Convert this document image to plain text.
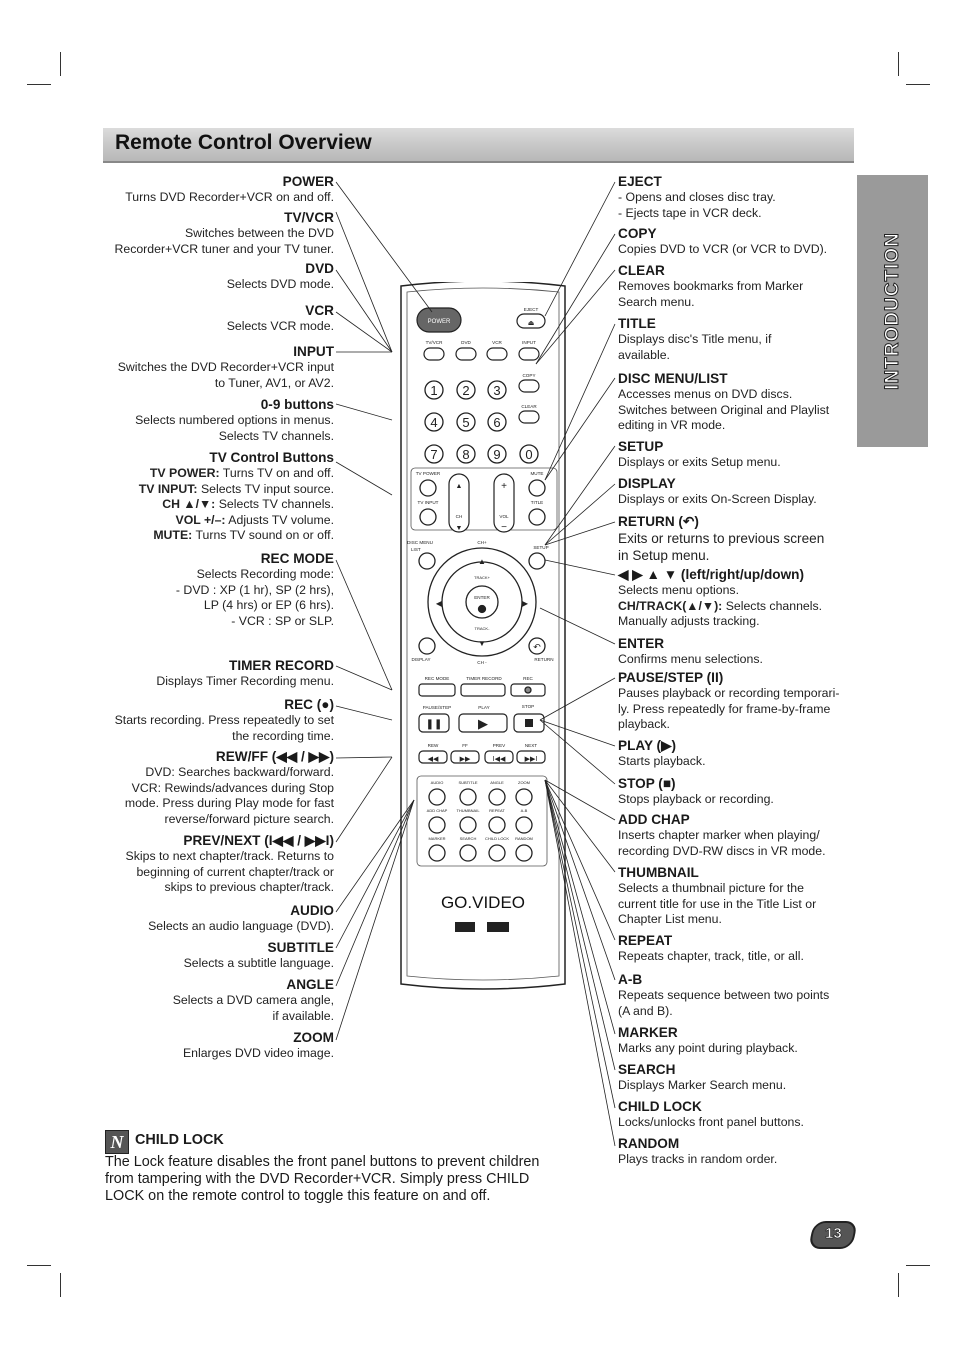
Remote Control Overview
INTRODUCTION
POWER
EJECT
⏏
TV/VCR	DVD	VCR	INPUT
COPY
CLEAR
1 2 3
4 5 6
7 8 9 0
TV POWER
TV INPUT
CH
▲
▼
VOL
+
−
MUTE
TITLE
DISC MENU
LIST	SETUP
CH+
TRACK+
TRACK-
ENTER
▲
▼
◀	▶
DISPLAY
↶
RETURN
CH -
REC MODE	TIMER RECORD	REC
PAUSE/STEP
❚❚
PLAY
▶
STOP
REW
◀◀
FF
▶▶
PREV
I◀◀
NEXT
▶▶I
AUDIO	SUBTITLE	ANGLE	ZOOM
ADD CHAP THUMBNAIL REPEAT	A-B
MARKER	SEARCH CHILD LOCK RANDOM
GO.VIDEO
N CHILD LOCK
The Lock feature disables the front panel buttons to prevent children from tampering with the DVD Recorder+VCR. Simply press CHILD LOCK on the remote control to toggle this feature on and off.
13
POWER
Turns DVD Recorder+VCR on and off.
TV/VCR
Switches between the DVD
Recorder+VCR tuner and your TV tuner.
DVD
Selects DVD mode.
VCR
Selects VCR mode.
INPUT
Switches the DVD Recorder+VCR input
to Tuner, AV1, or AV2.
0-9 buttons
Selects numbered options in menus.
Selects TV channels.
TV Control Buttons
TV POWER: Turns TV on and off.
TV INPUT: Selects TV input source.
CH ▲/▼: Selects TV channels.
VOL +/–: Adjusts TV volume.
MUTE: Turns TV sound on or off.
REC MODE
Selects Recording mode:
- DVD : XP (1 hr), SP (2 hrs),
LP (4 hrs) or EP (6 hrs).
- VCR : SP or SLP.
TIMER RECORD
Displays Timer Recording menu.
REC (●)
Starts recording. Press repeatedly to set
the recording time.
REW/FF (◀◀ / ▶▶)
DVD: Searches backward/forward.
VCR: Rewinds/advances during Stop
mode. Press during Play mode for fast
reverse/forward picture search.
PREV/NEXT (I◀◀ / ▶▶I)
Skips to next chapter/track. Returns to
beginning of current chapter/track or
skips to previous chapter/track.
AUDIO
Selects an audio language (DVD).
SUBTITLE
Selects a subtitle language.
ANGLE
Selects a DVD camera angle,
if available.
ZOOM
Enlarges DVD video image.
EJECT
- Opens and closes disc tray.
- Ejects tape in VCR deck.
COPY
Copies DVD to VCR (or VCR to DVD).
CLEAR
Removes bookmarks from Marker
Search menu.
TITLE
Displays disc's Title menu, if
available.
DISC MENU/LIST
Accesses menus on DVD discs.
Switches between Original and Playlist
editing in VR mode.
SETUP
Displays or exits Setup menu.
DISPLAY
Displays or exits On-Screen Display.
RETURN (↶)
Exits or returns to previous screen
in Setup menu.
◀ ▶ ▲ ▼ (left/right/up/down)
Selects menu options.
CH/TRACK(▲/▼): Selects channels.
Manually adjusts tracking.
ENTER
Confirms menu selections.
PAUSE/STEP (II)
Pauses playback or recording temporari-
ly. Press repeatedly for frame-by-frame
playback.
PLAY (▶)
Starts playback.
STOP (■)
Stops playback or recording.
ADD CHAP
Inserts chapter marker when playing/
recording DVD-RW discs in VR mode.
THUMBNAIL
Selects a thumbnail picture for the
current title for use in the Title List or
Chapter List menu.
REPEAT
Repeats chapter, track, title, or all.
A-B
Repeats sequence between two points
(A and B).
MARKER
Marks any point during playback.
SEARCH
Displays Marker Search menu.
CHILD LOCK
Locks/unlocks front panel buttons.
RANDOM
Plays tracks in random order.
